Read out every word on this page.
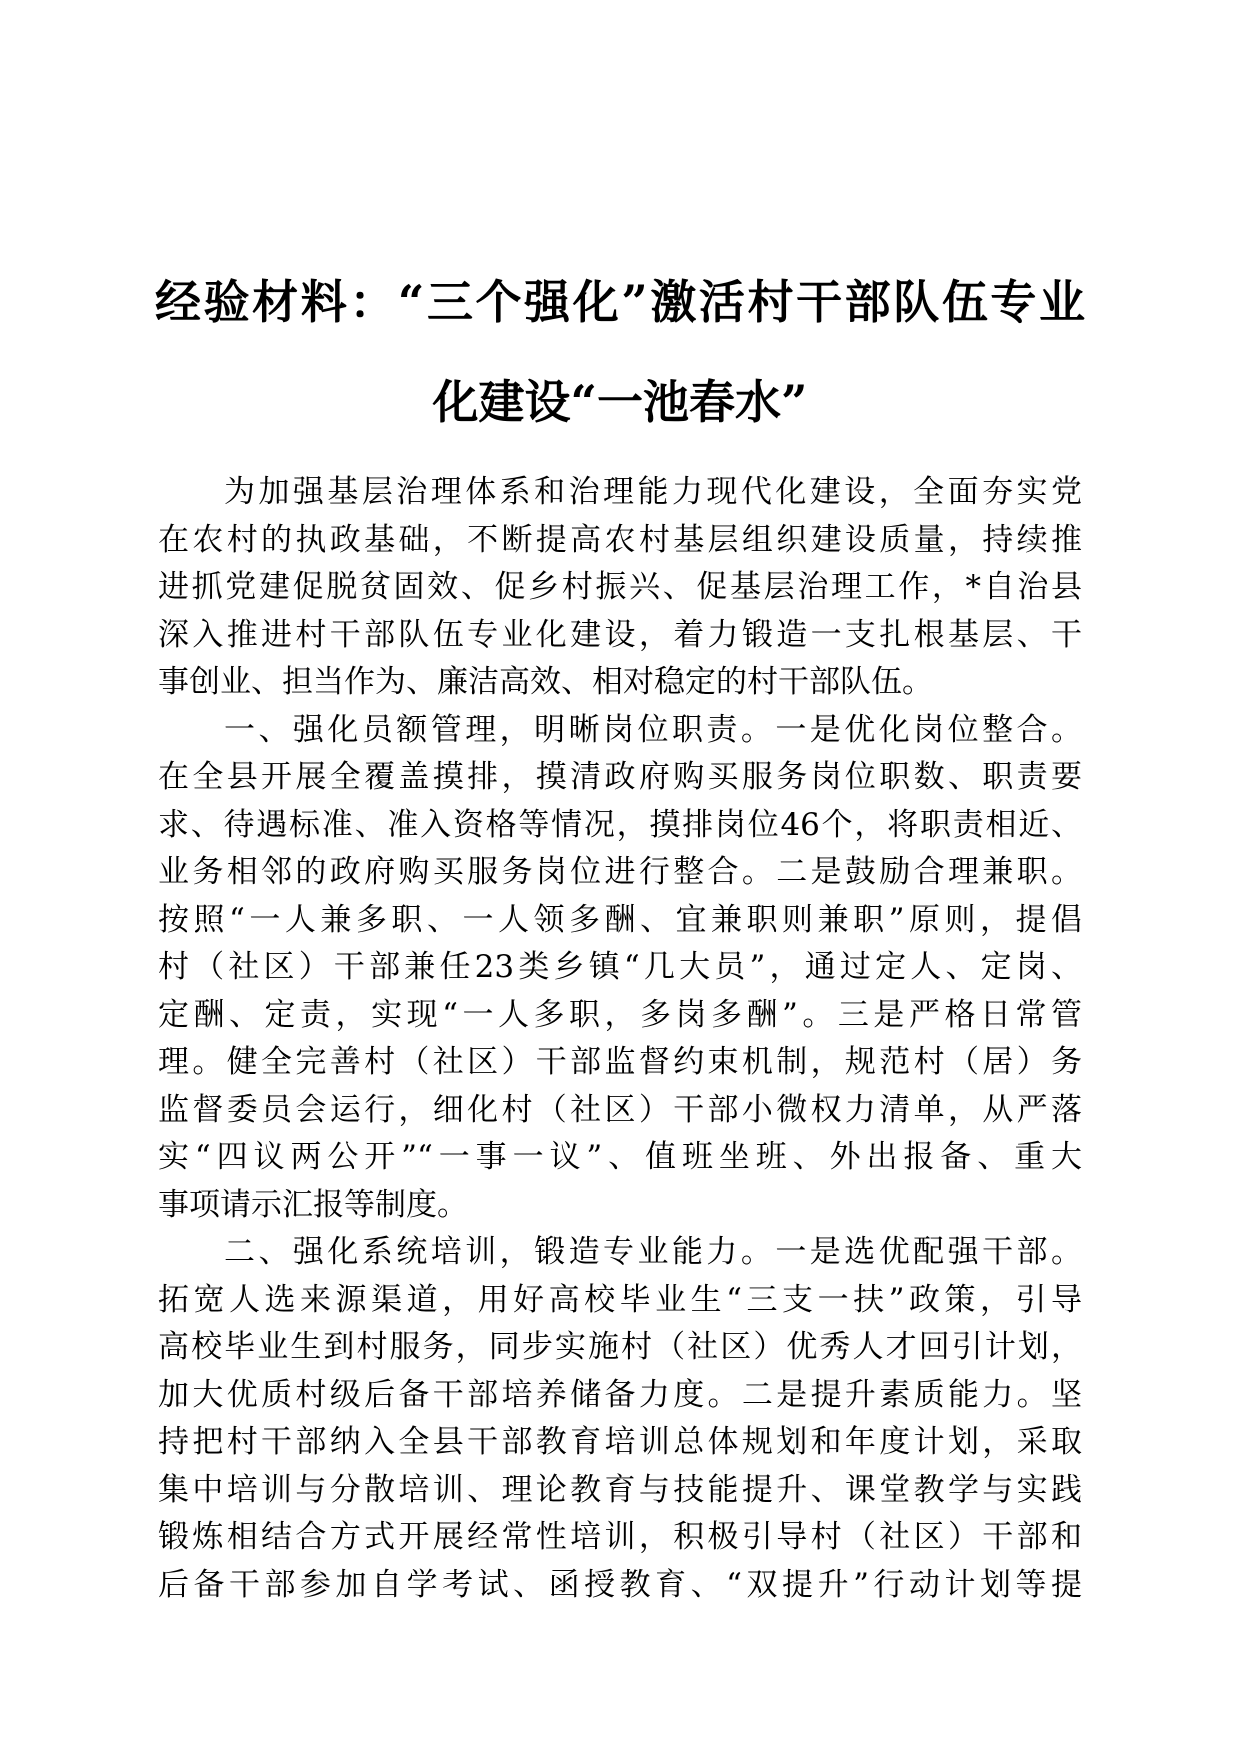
经验材料：“三个强化”激活村干部队伍专业
化建设“一池春水”
为加强基层治理体系和治理能力现代化建设，全面夯实党
在农村的执政基础，不断提高农村基层组织建设质量，持续推
进抓党建促脱贫固效、促乡村振兴、促基层治理工作，*自治县
深入推进村干部队伍专业化建设，着力锻造一支扎根基层、干
事创业、担当作为、廉洁高效、相对稳定的村干部队伍。
一、强化员额管理，明晰岗位职责。一是优化岗位整合。
在全县开展全覆盖摸排，摸清政府购买服务岗位职数、职责要
求、待遇标准、准入资格等情况，摸排岗位46个，将职责相近、
业务相邻的政府购买服务岗位进行整合。二是鼓励合理兼职。
按照“一人兼多职、一人领多酬、宜兼职则兼职”原则，提倡
村（社区）干部兼任23类乡镇“几大员”，通过定人、定岗、
定酬、定责，实现“一人多职，多岗多酬”。三是严格日常管
理。健全完善村（社区）干部监督约束机制，规范村（居）务
监督委员会运行，细化村（社区）干部小微权力清单，从严落
实“四议两公开”“一事一议”、值班坐班、外出报备、重大
事项请示汇报等制度。
二、强化系统培训，锻造专业能力。一是选优配强干部。
拓宽人选来源渠道，用好高校毕业生“三支一扶”政策，引导
高校毕业生到村服务，同步实施村（社区）优秀人才回引计划，
加大优质村级后备干部培养储备力度。二是提升素质能力。坚
持把村干部纳入全县干部教育培训总体规划和年度计划，采取
集中培训与分散培训、理论教育与技能提升、课堂教学与实践
锻炼相结合方式开展经常性培训，积极引导村（社区）干部和
后备干部参加自学考试、函授教育、“双提升”行动计划等提
